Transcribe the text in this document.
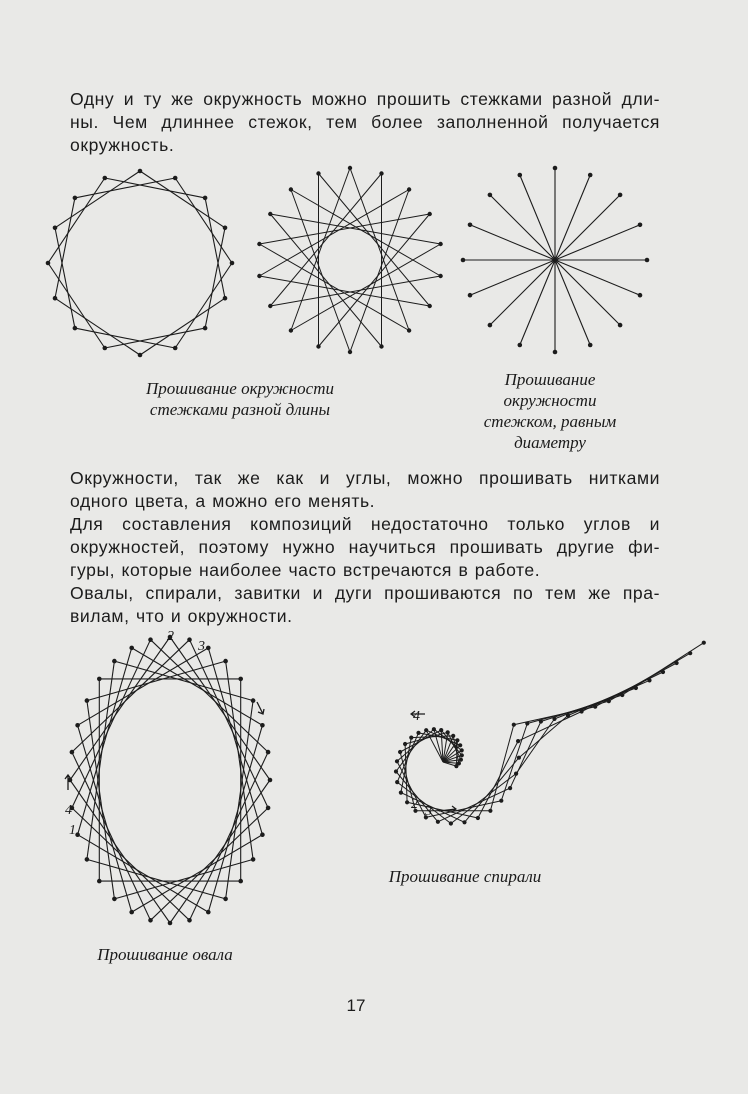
Одну и ту же окружность можно прошить стежками разной дли-
ны. Чем длиннее стежок, тем более заполненной получается
окружность.
Прошивание окружности
стежками разной длины
Прошивание
окружности
стежком, равным
диаметру
Окружности, так же как и углы, можно прошивать нитками
одного цвета, а можно его менять.
Для составления композиций недостаточно только углов и
окружностей, поэтому нужно научиться прошивать другие фи-
гуры, которые наиболее часто встречаются в работе.
Овалы, спирали, завитки и дуги прошиваются по тем же пра-
вилам, что и окружности.
2
3
4
1
4
1
2 3
Прошивание спирали
Прошивание овала
17
